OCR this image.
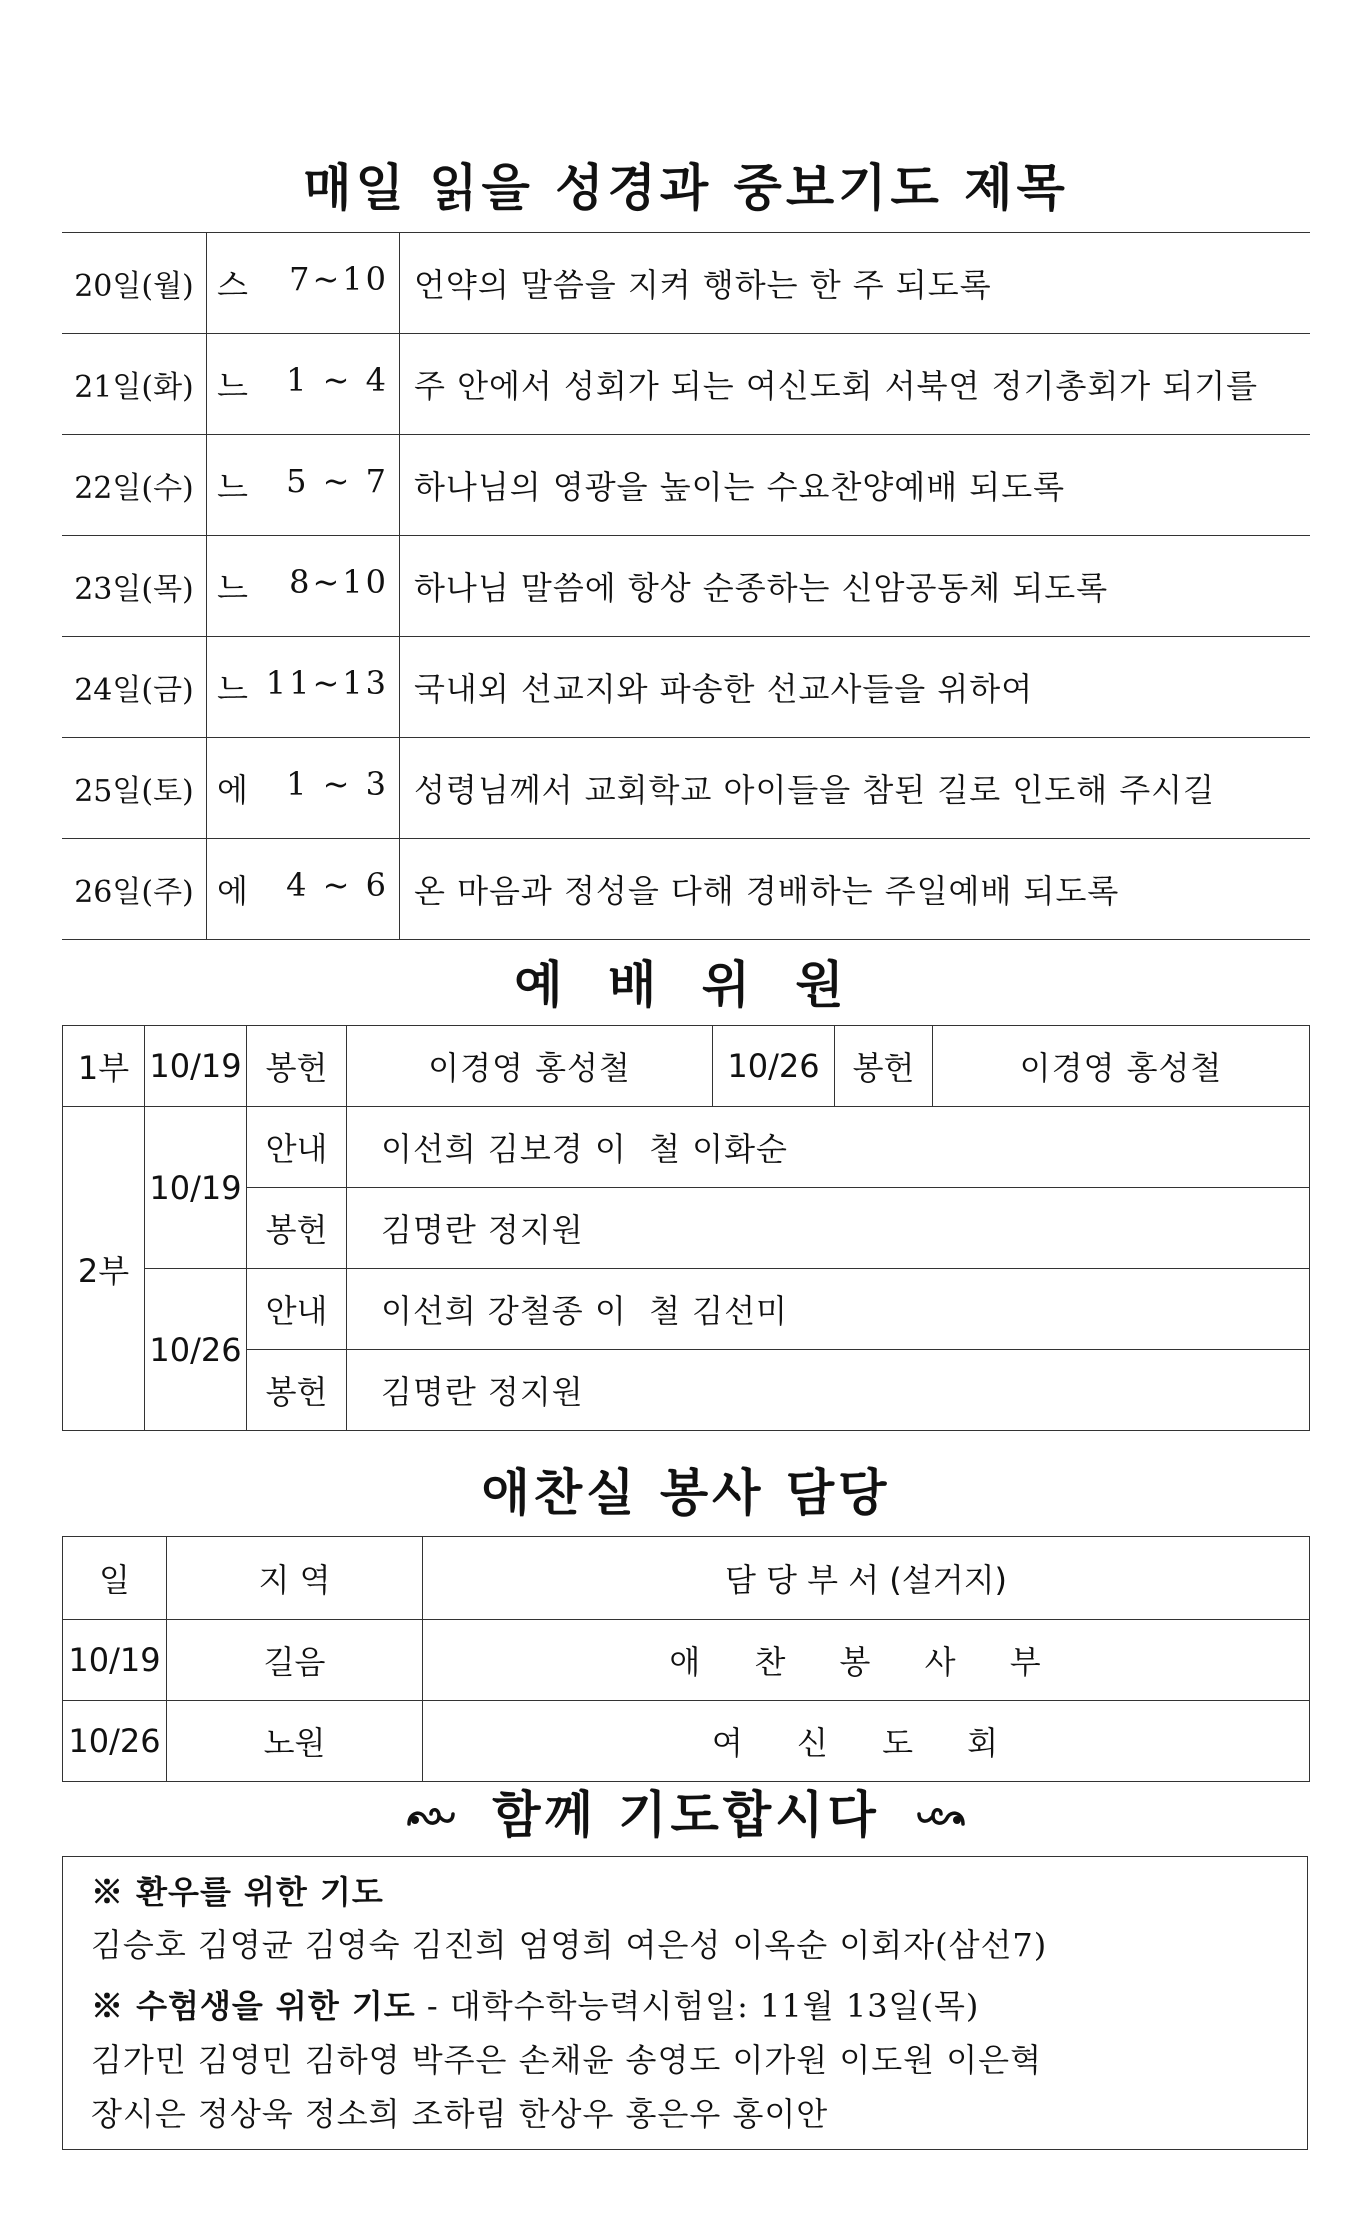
매일 읽을 성경과 중보기도 제목
20일(월)	스 7~10	언약의 말씀을 지켜 행하는 한 주 되도록
21일(화)	느 1 ~ 4	주 안에서 성회가 되는 여신도회 서북연 정기총회가 되기를
22일(수)	느 5 ~ 7	하나님의 영광을 높이는 수요찬양예배 되도록
23일(목)	느 8~10	하나님 말씀에 항상 순종하는 신암공동체 되도록
24일(금)	느 11~13	국내외 선교지와 파송한 선교사들을 위하여
25일(토)	에 1 ~ 3	성령님께서 교회학교 아이들을 참된 길로 인도해 주시길
26일(주)	에 4 ~ 6	온 마음과 정성을 다해 경배하는 주일예배 되도록
예 배 위 원
1부	10/19	봉헌	이경영 홍성철	10/26	봉헌	이경영 홍성철
2부	10/19	안내	이선희 김보경 이  철 이화순			
		봉헌	김명란 정지원			
	10/26	안내	이선희 강철종 이  철 김선미			
		봉헌	김명란 정지원			
애찬실 봉사 담당
일	지 역	담 당 부 서 (설거지)
10/19	길음	애 찬 봉 사 부
10/26	노원	여 신 도 회
함께 기도합시다
※ 환우를 위한 기도
김승호 김영균 김영숙 김진희 엄영희 여은성 이옥순 이회자(삼선7)
※ 수험생을 위한 기도 - 대학수학능력시험일: 11월 13일(목)
김가민 김영민 김하영 박주은 손채윤 송영도 이가원 이도원 이은혁
장시은 정상욱 정소희 조하림 한상우 홍은우 홍이안
